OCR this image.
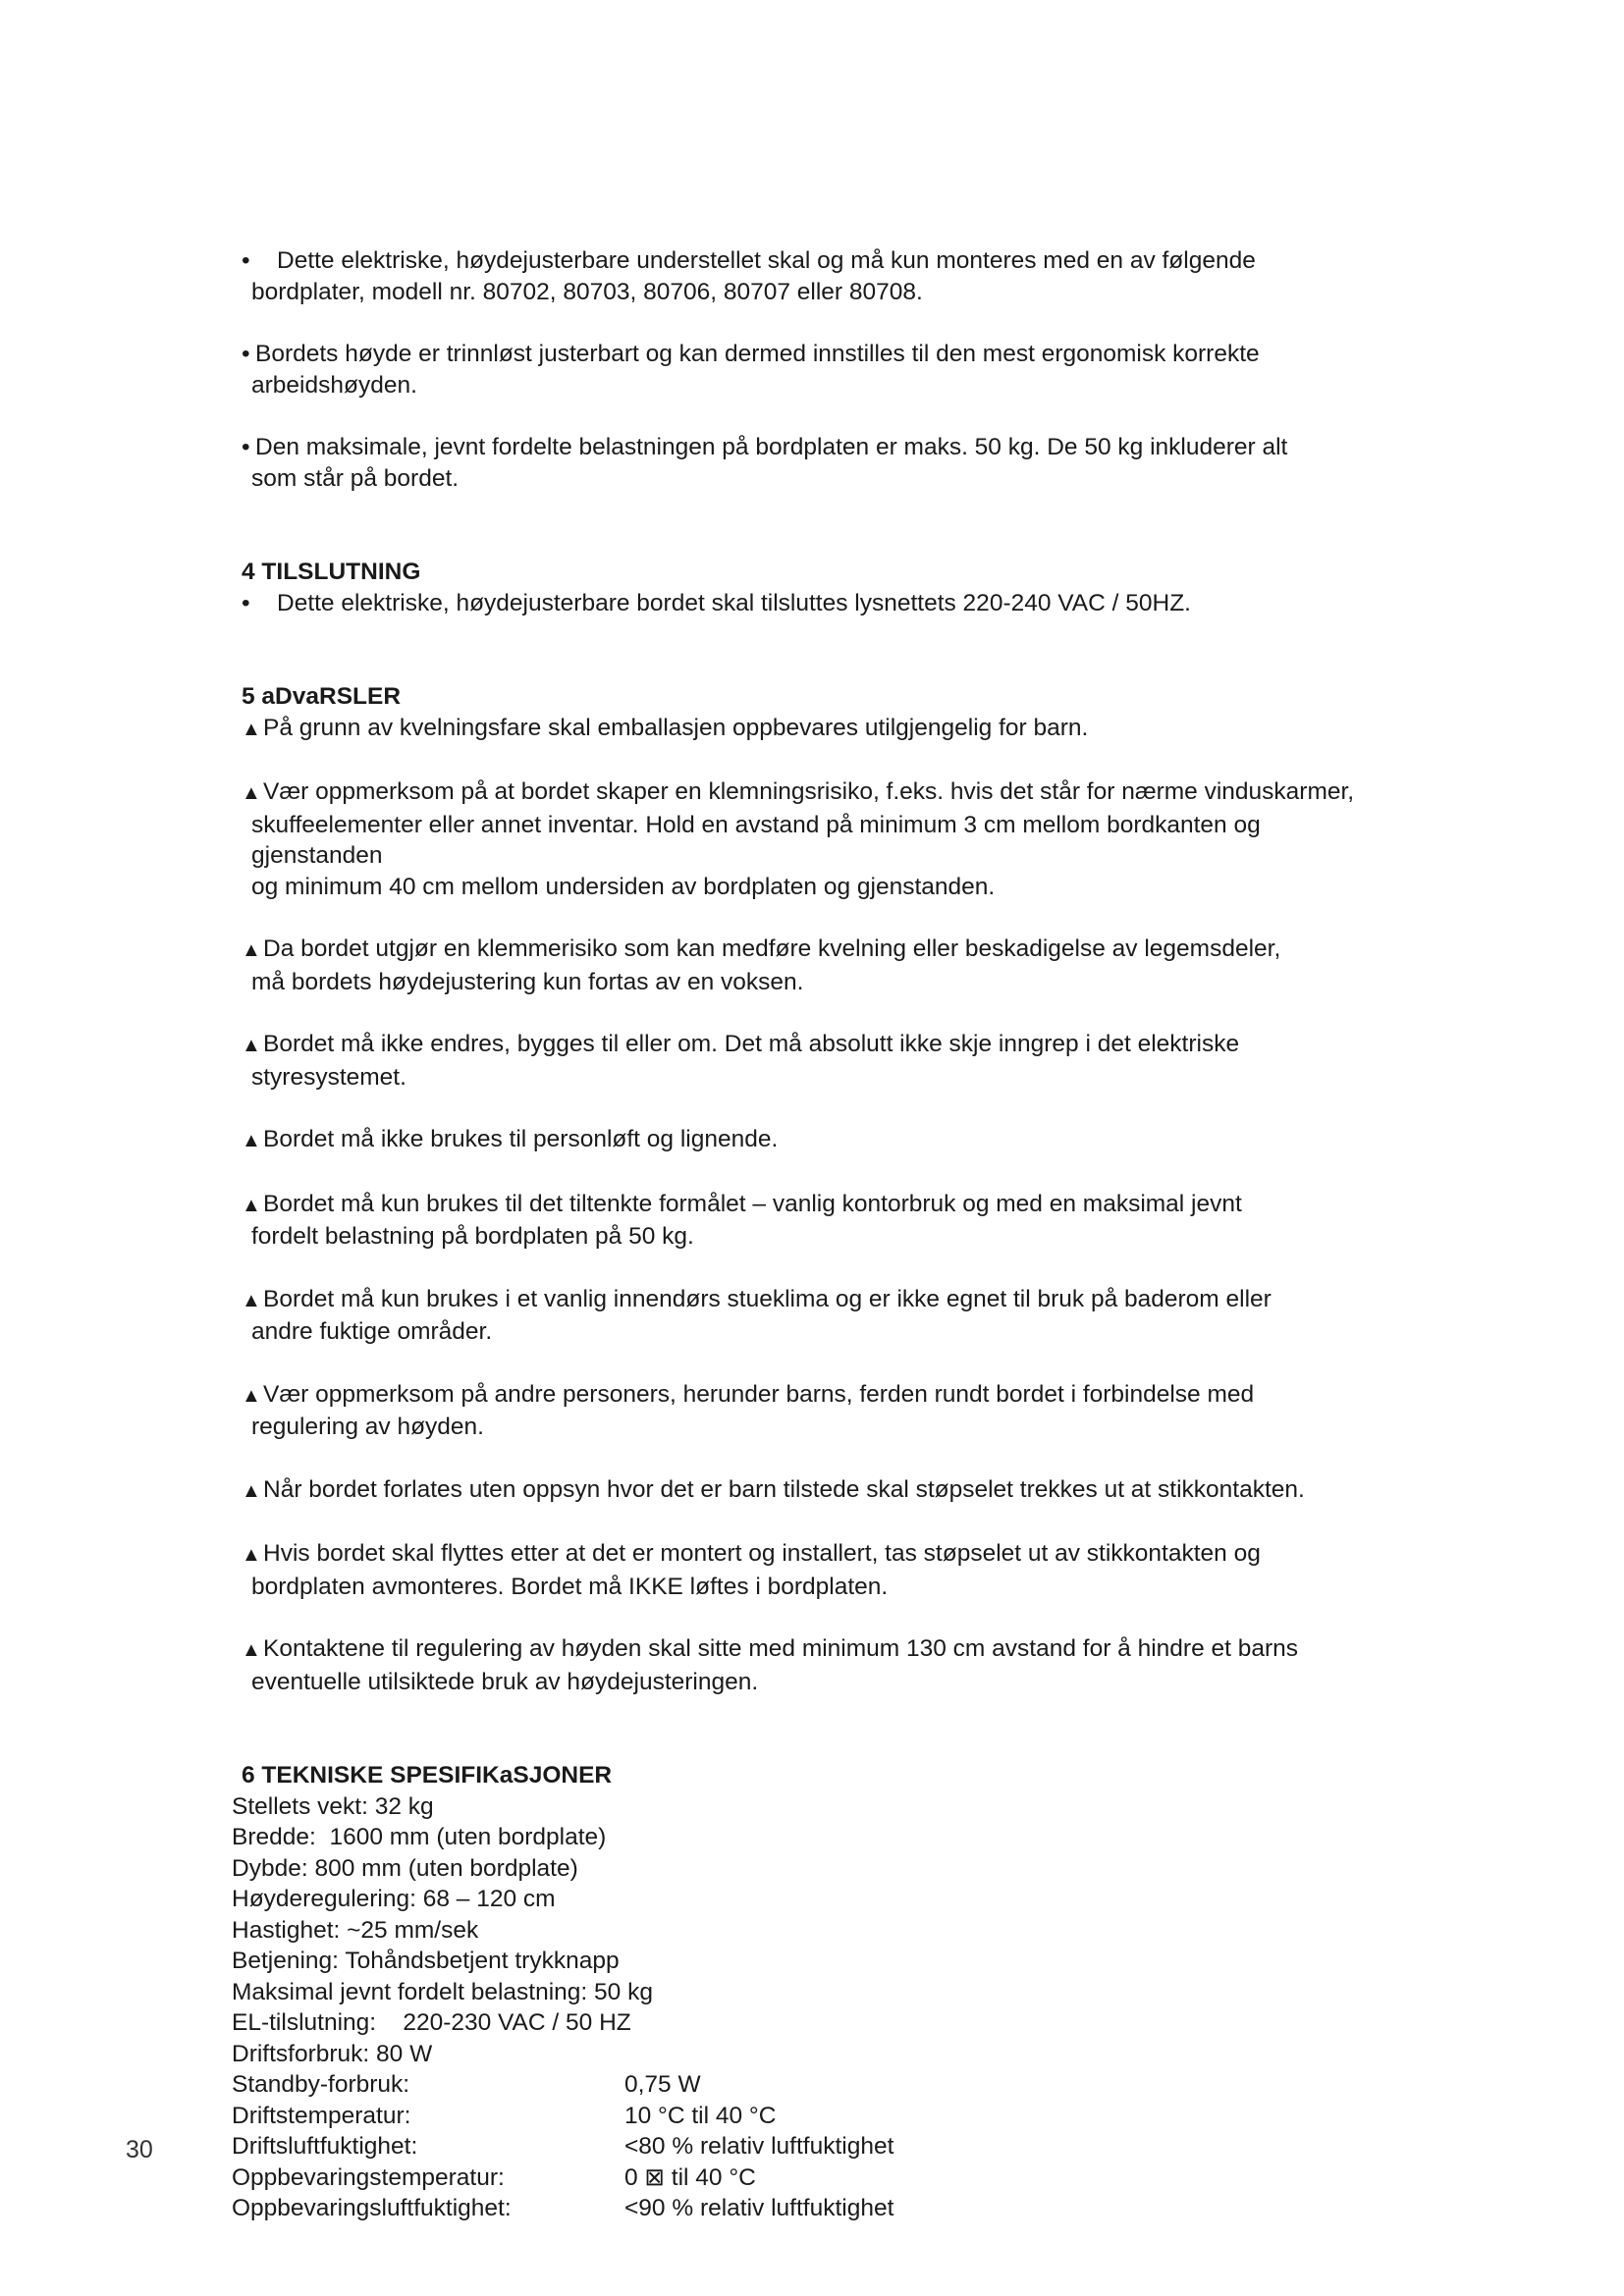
• Dette elektriske, høydejusterbare understellet skal og må kun monteres med en av følgende
bordplater, modell nr. 80702, 80703, 80706, 80707 eller 80708.
• Bordets høyde er trinnløst justerbart og kan dermed innstilles til den mest ergonomisk korrekte
arbeidshøyden.
• Den maksimale, jevnt fordelte belastningen på bordplaten er maks. 50 kg. De 50 kg inkluderer alt
som står på bordet.
4 TILSLUTNING
• Dette elektriske, høydejusterbare bordet skal tilsluttes lysnettets 220-240 VAC / 50HZ.
5 aDvaRSLER
▲På grunn av kvelningsfare skal emballasjen oppbevares utilgjengelig for barn.
▲Vær oppmerksom på at bordet skaper en klemningsrisiko, f.eks. hvis det står for nærme vinduskarmer,
skuffeelementer eller annet inventar. Hold en avstand på minimum 3 cm mellom bordkanten og gjenstanden
og minimum 40 cm mellom undersiden av bordplaten og gjenstanden.
▲Da bordet utgjør en klemmerisiko som kan medføre kvelning eller beskadigelse av legemsdeler,
må bordets høydejustering kun fortas av en voksen.
▲Bordet må ikke endres, bygges til eller om. Det må absolutt ikke skje inngrep i det elektriske
styresystemet.
▲Bordet må ikke brukes til personløft og lignende.
▲Bordet må kun brukes til det tiltenkte formålet – vanlig kontorbruk og med en maksimal jevnt
fordelt belastning på bordplaten på 50 kg.
▲Bordet må kun brukes i et vanlig innendørs stueklima og er ikke egnet til bruk på baderom eller
andre fuktige områder.
▲Vær oppmerksom på andre personers, herunder barns, ferden rundt bordet i forbindelse med
regulering av høyden.
▲Når bordet forlates uten oppsyn hvor det er barn tilstede skal støpselet trekkes ut at stikkontakten.
▲Hvis bordet skal flyttes etter at det er montert og installert, tas støpselet ut av stikkontakten og
bordplaten avmonteres. Bordet må IKKE løftes i bordplaten.
▲Kontaktene til regulering av høyden skal sitte med minimum 130 cm avstand for å hindre et barns
eventuelle utilsiktede bruk av høydejusteringen.
6 TEKNISKE SPESIFIKaSJONER
Stellets vekt: 32 kg
Bredde: 1600 mm (uten bordplate)
Dybde: 800 mm (uten bordplate)
Høyderegulering: 68 – 120 cm
Hastighet: ~25 mm/sek
Betjening: Tohåndsbetjent trykknapp
Maksimal jevnt fordelt belastning: 50 kg
EL-tilslutning: 220-230 VAC / 50 HZ
Driftsforbruk: 80 W
Standby-forbruk:	0,75 W
Driftstemperatur:	10 °C til 40 °C
Driftsluftfuktighet:	<80 % relativ luftfuktighet
Oppbevaringstemperatur:	0 ⊠ til 40 °C
Oppbevaringsluftfuktighet:	<90 % relativ luftfuktighet
30
